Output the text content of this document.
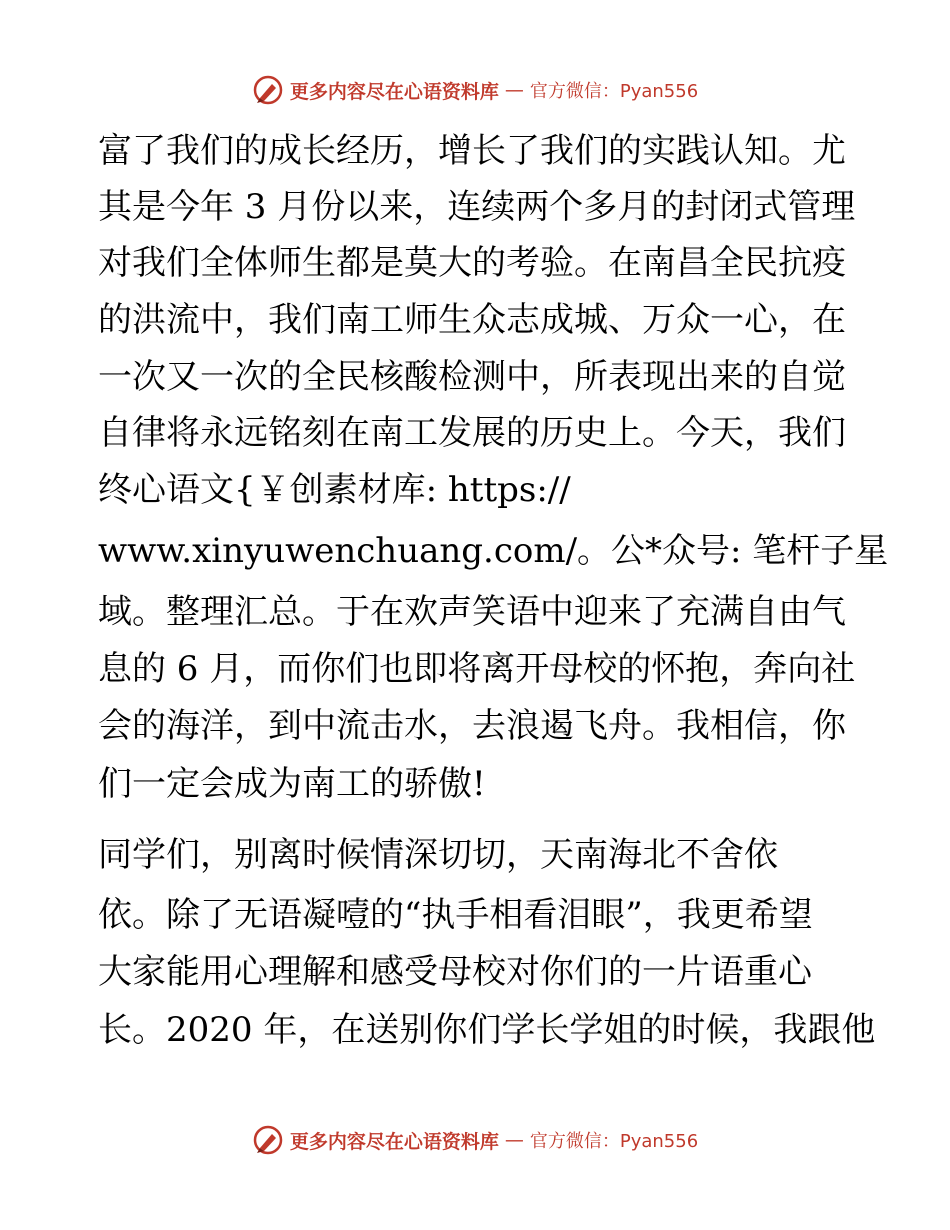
更多内容尽在心语资料库 — 官方微信：Pyan556
富了我们的成长经历，增长了我们的实践认知。尤
其是今年 3 月份以来，连续两个多月的封闭式管理
对我们全体师生都是莫大的考验。在南昌全民抗疫
的洪流中，我们南工师生众志成城、万众一心，在
一次又一次的全民核酸检测中，所表现出来的自觉
自律将永远铭刻在南工发展的历史上。今天，我们
终心语文{￥创素材库: https://
www.xinyuwenchuang.com/。公*众号: 笔杆子星
域。整理汇总。于在欢声笑语中迎来了充满自由气
息的 6 月，而你们也即将离开母校的怀抱，奔向社
会的海洋，到中流击水，去浪遏飞舟。我相信，你
们一定会成为南工的骄傲!
同学们，别离时候情深切切，天南海北不舍依
依。除了无语凝噎的“执手相看泪眼”，我更希望
大家能用心理解和感受母校对你们的一片语重心
长。2020 年，在送别你们学长学姐的时候，我跟他
更多内容尽在心语资料库 — 官方微信：Pyan556
